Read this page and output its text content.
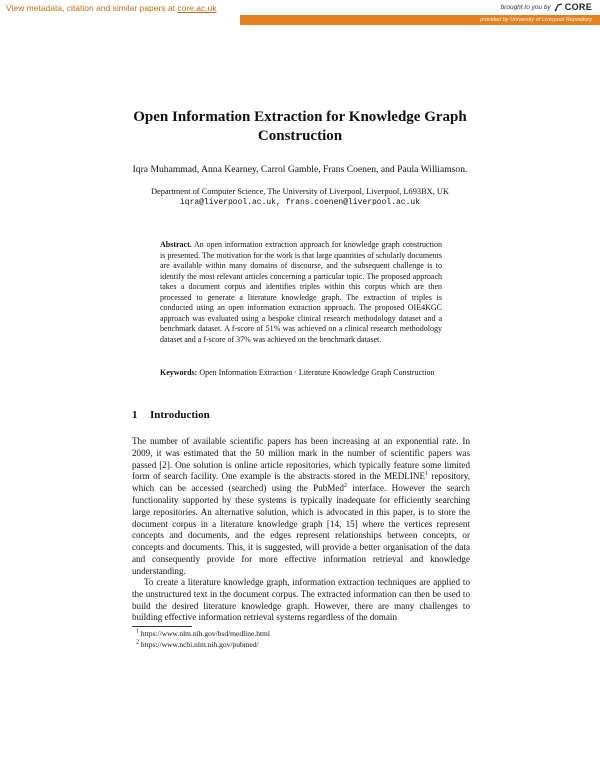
View metadata, citation and similar papers at core.ac.uk	brought to you by CORE
provided by University of Liverpool Repository
Open Information Extraction for Knowledge Graph
Construction
Iqra Muhammad, Anna Kearney, Carrol Gamble, Frans Coenen, and Paula Williamson.
Department of Computer Science, The University of Liverpool, Liverpool, L693BX, UK
iqra@liverpool.ac.uk, frans.coenen@liverpool.ac.uk
Abstract. An open information extraction approach for knowledge graph construction is presented. The motivation for the work is that large quantities of scholarly documents are available within many domains of discourse, and the subsequent challenge is to identify the most relevant articles concerning a particular topic. The proposed approach takes a document corpus and identifies triples within this corpus which are then processed to generate a literature knowledge graph. The extraction of triples is conducted using an open information extraction approach. The proposed OIE4KGC approach was evaluated using a bespoke clinical research methodology dataset and a benchmark dataset. A f-score of 51% was achieved on a clinical research methodology dataset and a f-score of 37% was achieved on the benchmark dataset.
Keywords: Open Information Extraction · Literature Knowledge Graph Construction
1 Introduction
The number of available scientific papers has been increasing at an exponential rate. In 2009, it was estimated that the 50 million mark in the number of scientific papers was passed [2]. One solution is online article repositories, which typically feature some limited form of search facility. One example is the abstracts stored in the MEDLINE$^1$ repository, which can be accessed (searched) using the PubMed$^2$ interface. However the search functionality supported by these systems is typically inadequate for efficiently searching large repositories. An alternative solution, which is advocated in this paper, is to store the document corpus in a literature knowledge graph [14, 15] where the vertices represent concepts and documents, and the edges represent relationships between concepts, or concepts and documents. This, it is suggested, will provide a better organisation of the data and consequently provide for more effective information retrieval and knowledge understanding.
To create a literature knowledge graph, information extraction techniques are applied to the unstructured text in the document corpus. The extracted information can then be used to build the desired literature knowledge graph. However, there are many challenges to building effective information retrieval systems regardless of the domain
$^1$ https://www.nlm.nih.gov/bsd/medline.html
$^2$ https://www.ncbi.nlm.nih.gov/pubmed/
